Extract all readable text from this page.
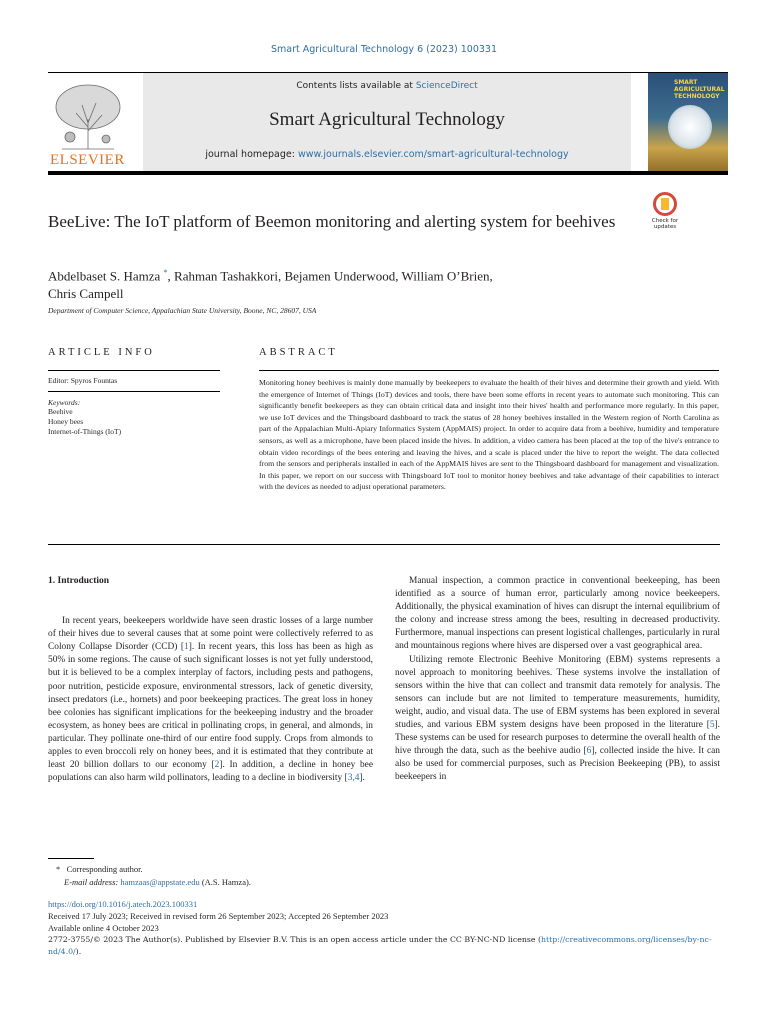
Smart Agricultural Technology 6 (2023) 100331
ELSEVIER
Contents lists available at ScienceDirect
Smart Agricultural Technology
journal homepage: www.journals.elsevier.com/smart-agricultural-technology
SMART
AGRICULTURAL
TECHNOLOGY
BeeLive: The IoT platform of Beemon monitoring and alerting system for beehives	Check for
updates
Abdelbaset S. Hamza *, Rahman Tashakkori, Bejamen Underwood, William O’Brien,
Chris Campell
Department of Computer Science, Appalachian State University, Boone, NC, 28607, USA
ARTICLE INFO	ABSTRACT
Editor: Spyros Fountas
Keywords:
Beehive
Honey bees
Internet-of-Things (IoT)
Monitoring honey beehives is mainly done manually by beekeepers to evaluate the health of their hives and determine their growth and yield. With the emergence of Internet of Things (IoT) devices and tools, there have been some efforts in recent years to automate such monitoring. This can significantly benefit beekeepers as they can obtain critical data and insight into their hives' health and performance more regularly. In this paper, we use IoT devices and the Thingsboard dashboard to track the status of 28 honey beehives installed in the Western region of North Carolina as part of the Appalachian Multi-Apiary Informatics System (AppMAIS) project. In order to acquire data from a beehive, humidity and temperature sensors, as well as a microphone, have been placed inside the hives. In addition, a video camera has been placed at the top of the hive's entrance to obtain video recordings of the bees entering and leaving the hives, and a scale is placed under the hive to report the weight. The data collected from the sensors and peripherals installed in each of the AppMAIS hives are sent to the Thingsboard dashboard for management and visualization. In this paper, we report on our success with Thingsboard IoT tool to monitor honey beehives and take advantage of their capabilities to interact with the devices as needed to adjust operational parameters.

1. Introduction

In recent years, beekeepers worldwide have seen drastic losses of a large number of their hives due to several causes that at some point were collectively referred to as Colony Collapse Disorder (CCD) [1]. In recent years, this loss has been as high as 50% in some regions. The cause of such significant losses is not yet fully understood, but it is believed to be a complex interplay of factors, including pests and pathogens, poor nutrition, pesticide exposure, environmental stressors, lack of genetic diversity, insect predators (i.e., hornets) and poor beekeeping practices. The great loss in honey bee colonies has significant implications for the beekeeping industry and the broader ecosystem, as honey bees are critical in pollinating crops, in general, and almonds, in particular. They pollinate one-third of our entire food supply. Crops from almonds to apples to even broccoli rely on honey bees, and it is estimated that they contribute at least 20 billion dollars to our economy [2]. In addition, a decline in honey bee populations can also harm wild pollinators, leading to a decline in biodiversity [3,4].

Manual inspection, a common practice in conventional beekeeping, has been identified as a source of human error, particularly among novice beekeepers. Additionally, the physical examination of hives can disrupt the internal equilibrium of the colony and increase stress among the bees, resulting in decreased productivity. Furthermore, manual inspections can present logistical challenges, particularly in rural and mountainous regions where hives are dispersed over a vast geographical area.

Utilizing remote Electronic Beehive Monitoring (EBM) systems represents a novel approach to monitoring beehives. These systems involve the installation of sensors within the hive that can collect and transmit data remotely for analysis. The sensors can include but are not limited to temperature measurements, humidity, weight, audio, and visual data. The use of EBM systems has been explored in several studies, and various EBM system designs have been proposed in the literature [5]. These systems can be used for research purposes to determine the overall health of the hive through the data, such as the beehive audio [6], collected inside the hive. It can also be used for commercial purposes, such as Precision Beekeeping (PB), to assist beekeepers in

* Corresponding author.
E-mail address: hamzaas@appstate.edu (A.S. Hamza).
https://doi.org/10.1016/j.atech.2023.100331
Received 17 July 2023; Received in revised form 26 September 2023; Accepted 26 September 2023
Available online 4 October 2023
2772-3755/© 2023 The Author(s). Published by Elsevier B.V. This is an open access article under the CC BY-NC-ND license (http://creativecommons.org/licenses/by-nc-nd/4.0/).
